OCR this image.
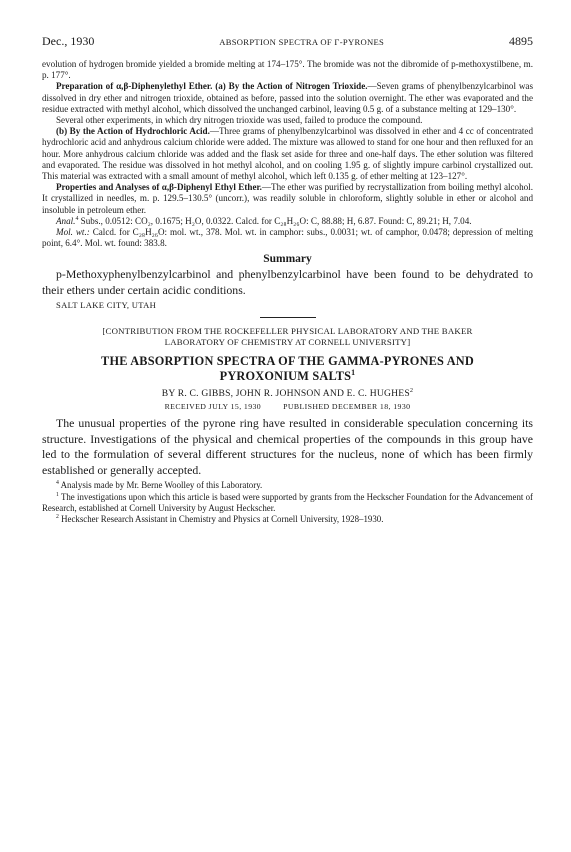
Dec., 1930	ABSORPTION SPECTRA OF Γ-PYRONES	4895

evolution of hydrogen bromide yielded a bromide melting at 174–175°. The bromide was not the dibromide of p-methoxystilbene, m. p. 177°.

Preparation of α,β-Diphenylethyl Ether. (a) By the Action of Nitrogen Trioxide.—Seven grams of phenylbenzylcarbinol was dissolved in dry ether and nitrogen trioxide, obtained as before, passed into the solution overnight. The ether was evaporated and the residue extracted with methyl alcohol, which dissolved the unchanged carbinol, leaving 0.5 g. of a substance melting at 129–130°.

Several other experiments, in which dry nitrogen trioxide was used, failed to produce the compound.

(b) By the Action of Hydrochloric Acid.—Three grams of phenylbenzylcarbinol was dissolved in ether and 4 cc of concentrated hydrochloric acid and anhydrous calcium chloride were added. The mixture was allowed to stand for one hour and then refluxed for an hour. More anhydrous calcium chloride was added and the flask set aside for three and one-half days. The ether solution was filtered and evaporated. The residue was dissolved in hot methyl alcohol, and on cooling 1.95 g. of slightly impure carbinol crystallized out. This material was extracted with a small amount of methyl alcohol, which left 0.135 g. of ether melting at 123–127°.

Properties and Analyses of α,β-Diphenyl Ethyl Ether.—The ether was purified by recrystallization from boiling methyl alcohol. It crystallized in needles, m. p. 129.5–130.5° (uncorr.), was readily soluble in chloroform, slightly soluble in ether or alcohol and insoluble in petroleum ether.

Anal.$^4$ Subs., 0.0512: CO₂, 0.1675; H₂O, 0.0322. Calcd. for C₂₈H₂₆O: C, 88.88; H, 6.87. Found: C, 89.21; H, 7.04.

Mol. wt.: Calcd. for C₂₈H₂₆O: mol. wt., 378. Mol. wt. in camphor: subs., 0.0031; wt. of camphor, 0.0478; depression of melting point, 6.4°. Mol. wt. found: 383.8.

Summary

p-Methoxyphenylbenzylcarbinol and phenylbenzylcarbinol have been found to be dehydrated to their ethers under certain acidic conditions.

SALT LAKE CITY, UTAH
[CONTRIBUTION FROM THE ROCKEFELLER PHYSICAL LABORATORY AND THE BAKER
LABORATORY OF CHEMISTRY AT CORNELL UNIVERSITY]
THE ABSORPTION SPECTRA OF THE GAMMA-PYRONES AND
PYROXONIUM SALTS$^1$
BY R. C. GIBBS, JOHN R. JOHNSON AND E. C. HUGHES$^2$
RECEIVED JULY 15, 1930	PUBLISHED DECEMBER 18, 1930

The unusual properties of the pyrone ring have resulted in considerable speculation concerning its structure. Investigations of the physical and chemical properties of the compounds in this group have led to the formulation of several different structures for the nucleus, none of which has been firmly established or generally accepted.

$^4$ Analysis made by Mr. Berne Woolley of this Laboratory.

$^1$ The investigations upon which this article is based were supported by grants from the Heckscher Foundation for the Advancement of Research, established at Cornell University by August Heckscher.

$^2$ Heckscher Research Assistant in Chemistry and Physics at Cornell University, 1928–1930.
